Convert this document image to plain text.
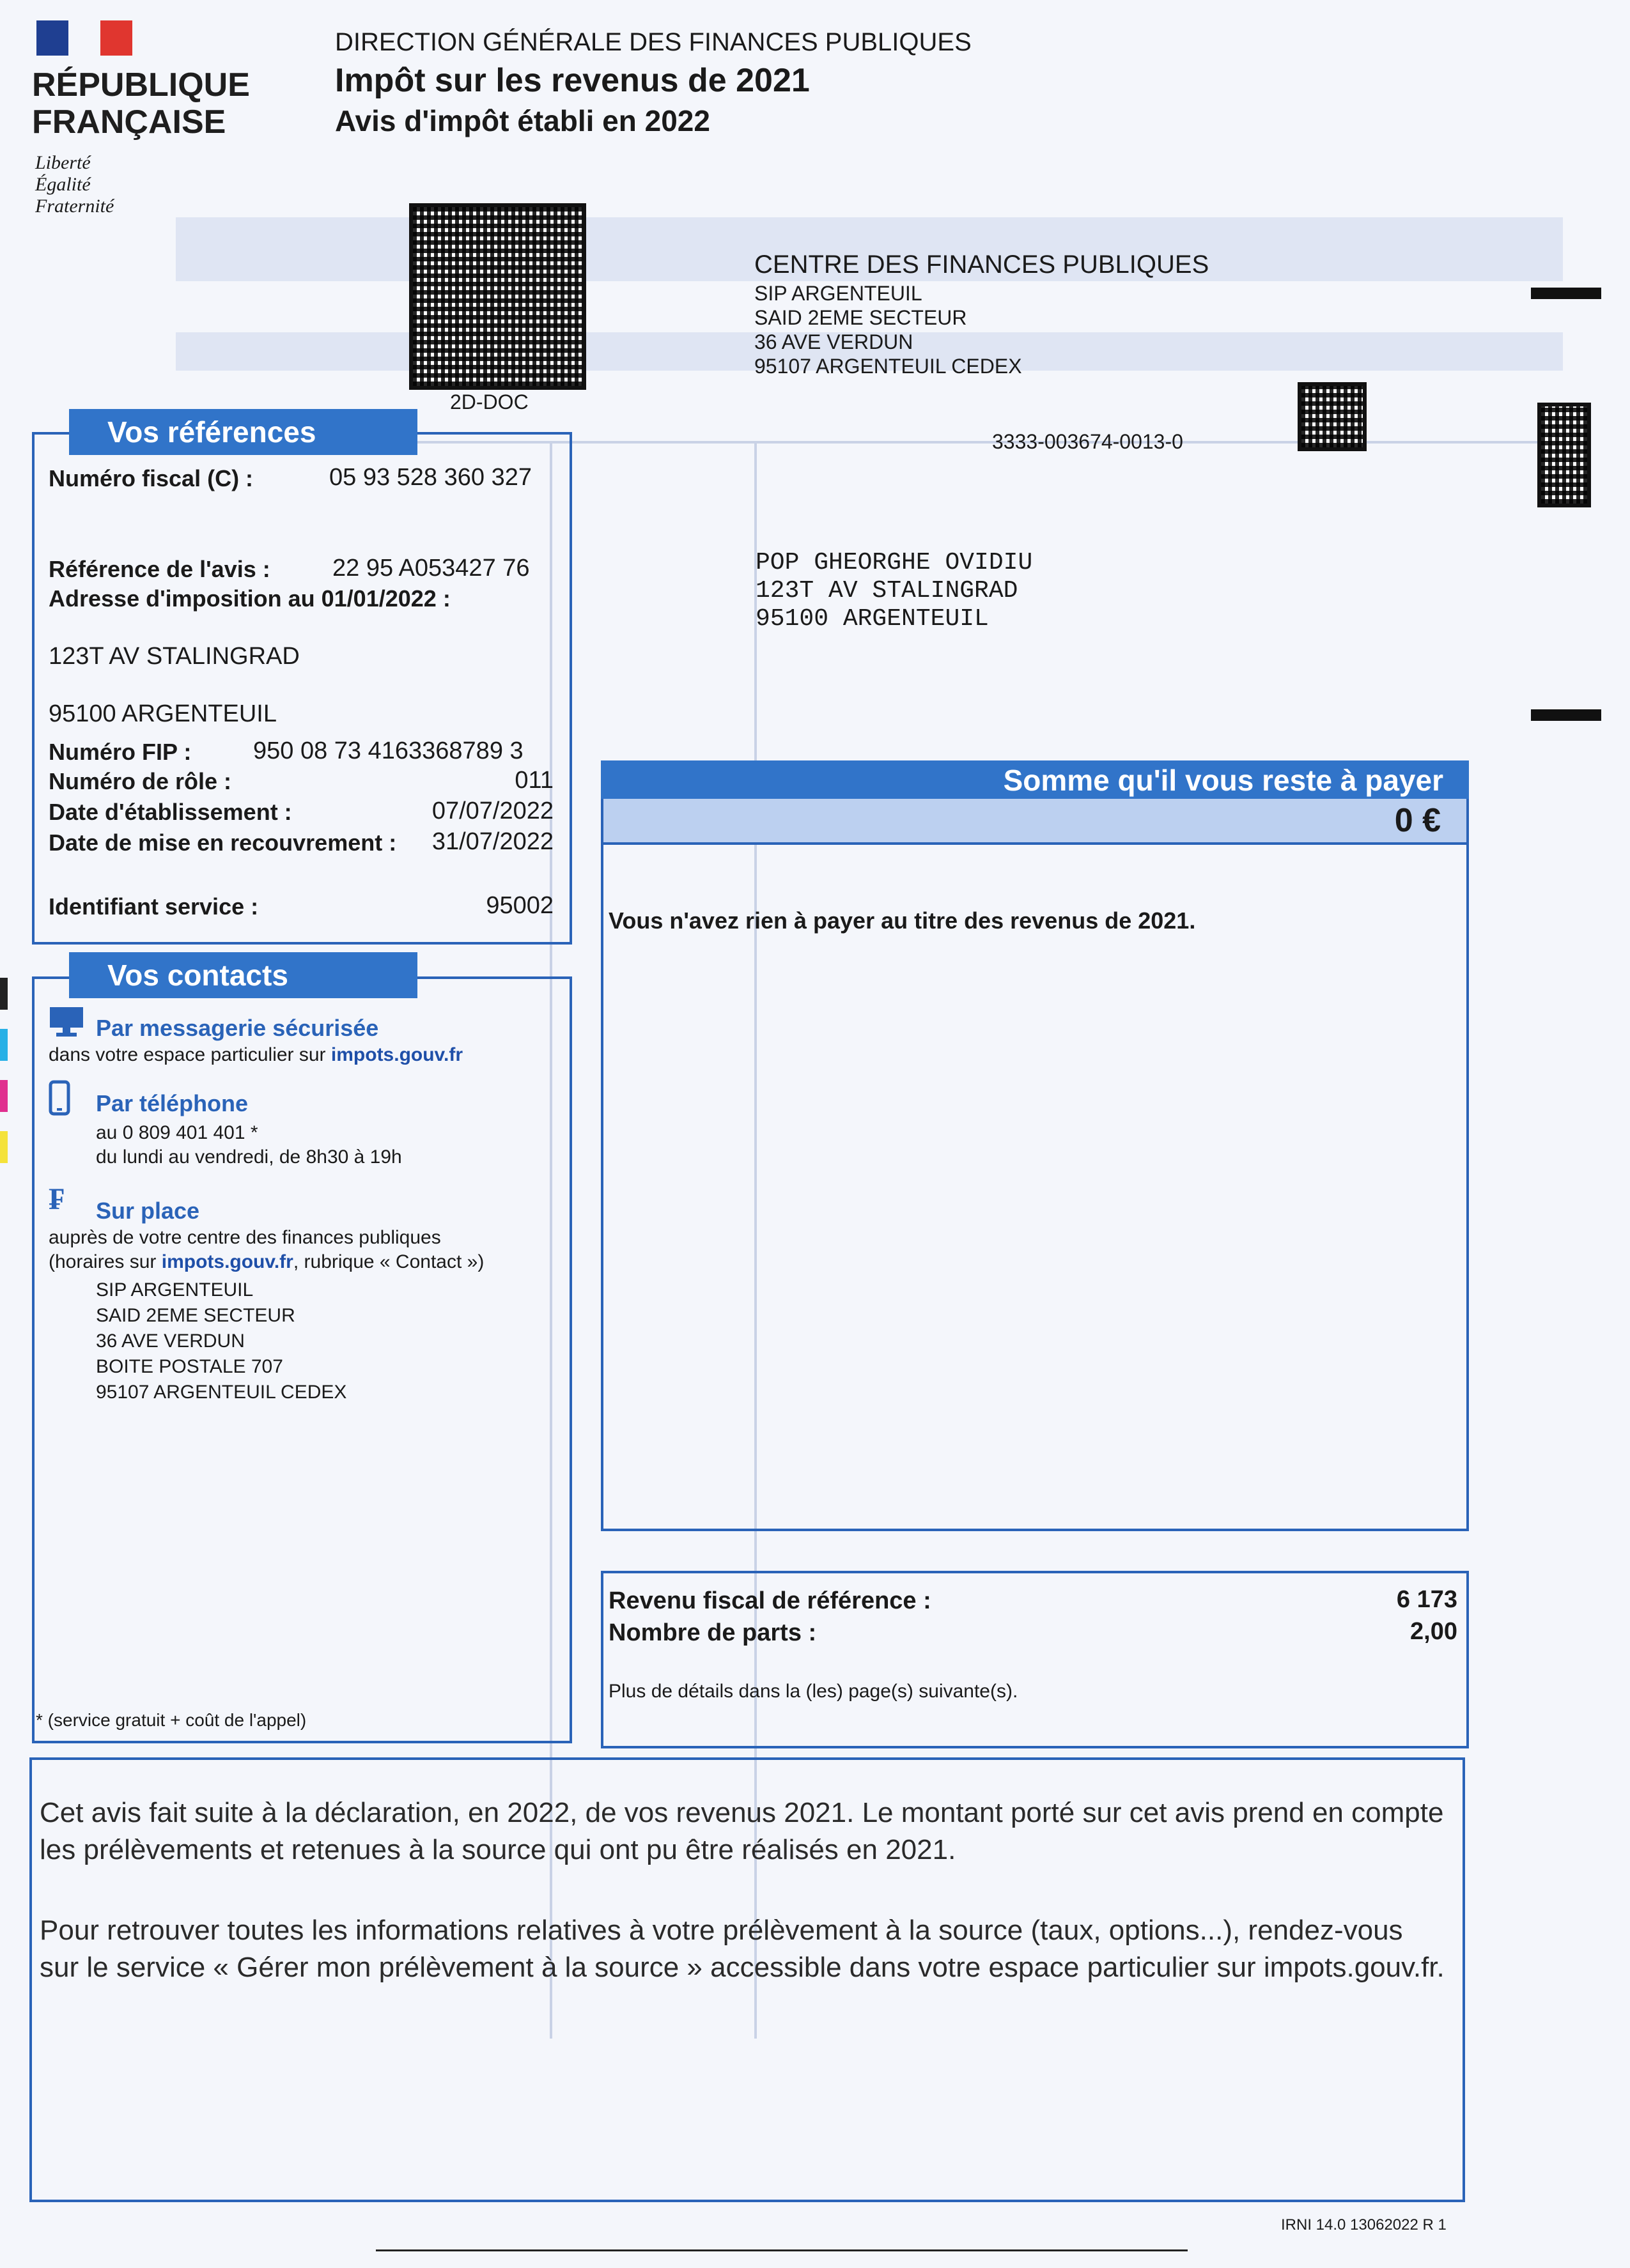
RÉPUBLIQUE
FRANÇAISE
Liberté
Égalité
Fraternité
DIRECTION GÉNÉRALE DES FINANCES PUBLIQUES
Impôt sur les revenus de 2021
Avis d'impôt établi en 2022
2D-DOC
CENTRE DES FINANCES PUBLIQUES
SIP ARGENTEUIL
SAID 2EME SECTEUR
36 AVE VERDUN
95107 ARGENTEUIL CEDEX
3333-003674-0013-0
POP GHEORGHE OVIDIU
123T AV STALINGRAD
95100 ARGENTEUIL
Vos références
Numéro fiscal (C) :	05 93 528 360 327
Référence de l'avis :	22 95 A053427 76
Adresse d'imposition au 01/01/2022 :
123T AV STALINGRAD
95100 ARGENTEUIL
Numéro FIP :	950 08 73 4163368789 3
Numéro de rôle :	011
Date d'établissement :	07/07/2022
Date de mise en recouvrement :	31/07/2022
Identifiant service :	95002
Vos contacts
Par messagerie sécurisée
dans votre espace particulier sur impots.gouv.fr
Par téléphone
au 0 809 401 401 *
du lundi au vendredi, de 8h30 à 19h
₣ Sur place
auprès de votre centre des finances publiques
(horaires sur impots.gouv.fr, rubrique « Contact »)
SIP ARGENTEUIL
SAID 2EME SECTEUR
36 AVE VERDUN
BOITE POSTALE 707
95107 ARGENTEUIL CEDEX
* (service gratuit + coût de l'appel)
Somme qu'il vous reste à payer
0 €
Vous n'avez rien à payer au titre des revenus de 2021.
Revenu fiscal de référence :	6 173
Nombre de parts :	2,00
Plus de détails dans la (les) page(s) suivante(s).
Cet avis fait suite à la déclaration, en 2022, de vos revenus 2021. Le montant porté sur cet avis prend en compte les prélèvements et retenues à la source qui ont pu être réalisés en 2021.
Pour retrouver toutes les informations relatives à votre prélèvement à la source (taux, options...), rendez-vous sur le service « Gérer mon prélèvement à la source » accessible dans votre espace particulier sur impots.gouv.fr.
IRNI 14.0 13062022 R 1
